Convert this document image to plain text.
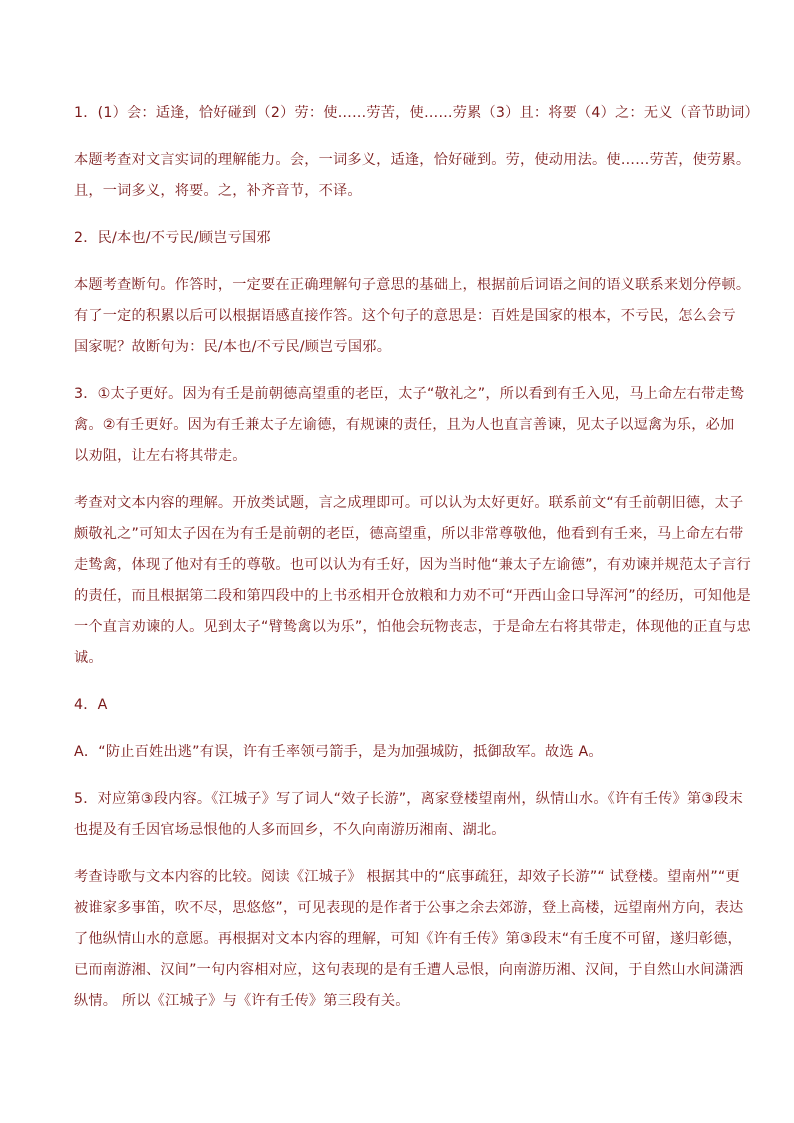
1．(1）会：适逢，恰好碰到（2）劳：使……劳苦，使……劳累（3）且：将要（4）之：无义（音节助词）
本题考查对文言实词的理解能力。会，一词多义，适逢，恰好碰到。劳，使动用法。使……劳苦，使劳累。
且，一词多义，将要。之，补齐音节，不译。
2．民/本也/不亏民/顾岂亏国邪
本题考查断句。作答时，一定要在正确理解句子意思的基础上，根据前后词语之间的语义联系来划分停顿。
有了一定的积累以后可以根据语感直接作答。这个句子的意思是：百姓是国家的根本，不亏民，怎么会亏
国家呢？故断句为：民/本也/不亏民/顾岂亏国邪。
3．①太子更好。因为有壬是前朝德高望重的老臣，太子“敬礼之”，所以看到有壬入见，马上命左右带走鸷
禽。②有壬更好。因为有壬兼太子左谕德，有规谏的责任，且为人也直言善谏，见太子以逗禽为乐，必加
以劝阻，让左右将其带走。
考查对文本内容的理解。开放类试题，言之成理即可。可以认为太好更好。联系前文“有壬前朝旧德，太子
颇敬礼之”可知太子因在为有壬是前朝的老臣，德高望重，所以非常尊敬他，他看到有壬来，马上命左右带
走鸷禽，体现了他对有壬的尊敬。也可以认为有壬好，因为当时他“兼太子左谕德”，有劝谏并规范太子言行
的责任，而且根据第二段和第四段中的上书丞相开仓放粮和力劝不可“开西山金口导浑河”的经历，可知他是
一个直言劝谏的人。见到太子“臂鸷禽以为乐”，怕他会玩物丧志，于是命左右将其带走，体现他的正直与忠
诚。
4．A
A．“防止百姓出逃”有误，许有壬率领弓箭手，是为加强城防，抵御敌军。故选 A。
5．对应第③段内容。《江城子》写了词人“效子长游”，离家登楼望南州，纵情山水。《许有壬传》第③段末
也提及有壬因官场忌恨他的人多而回乡，不久向南游历湘南、湖北。
考查诗歌与文本内容的比较。阅读《江城子》 根据其中的“底事疏狂，却效子长游”“ 试登楼。望南州”“更
被谁家多事笛，吹不尽，思悠悠”，可见表现的是作者于公事之余去郊游，登上高楼，远望南州方向，表达
了他纵情山水的意愿。再根据对文本内容的理解，可知《许有壬传》第③段末“有壬度不可留，遂归彰德，
已而南游湘、汉间”一句内容相对应，这句表现的是有壬遭人忌恨，向南游历湘、汉间，于自然山水间潇洒
纵情。 所以《江城子》与《许有壬传》第三段有关。
